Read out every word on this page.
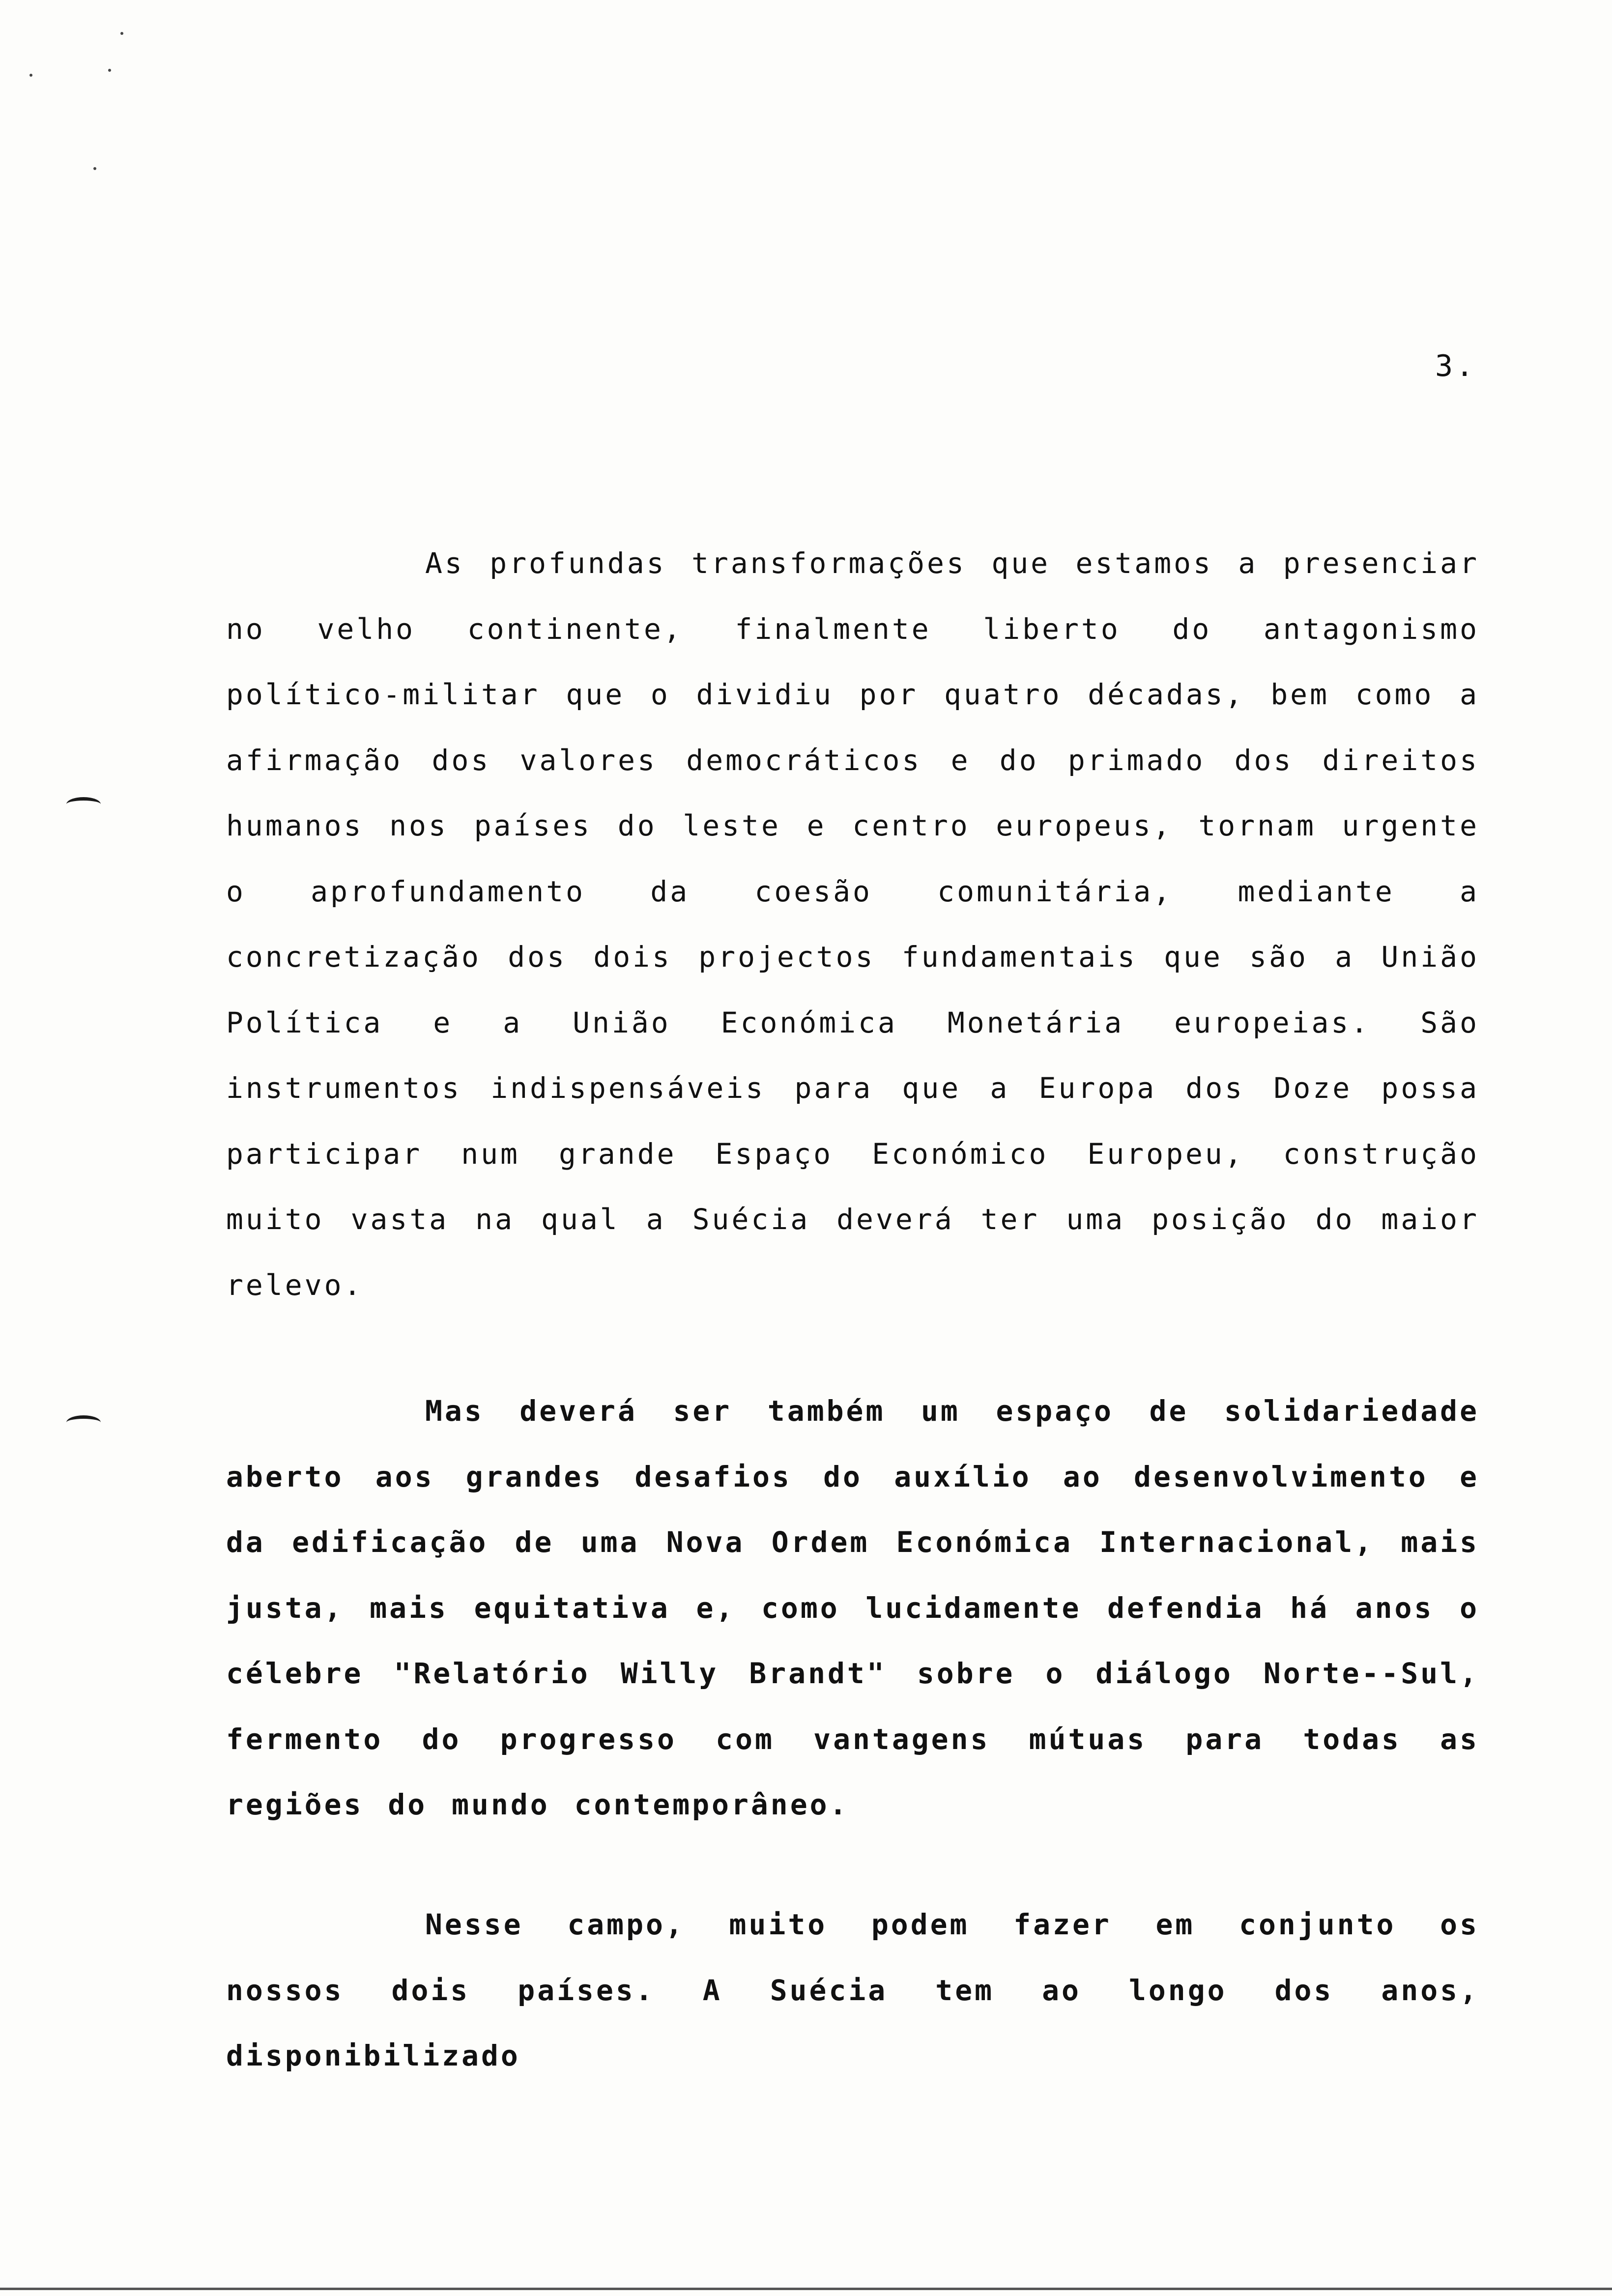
3.

As profundas transformações que estamos a presenciar no velho continente, finalmente liberto do antagonismo político-militar que o dividiu por quatro décadas, bem como a afirmação dos valores democráticos e do primado dos direitos humanos nos países do leste e centro europeus, tornam urgente o aprofundamento da coesão comunitária, mediante a concretização dos dois projectos fundamentais que são a União Política e a União Económica Monetária europeias. São instrumentos indispensáveis para que a Europa dos Doze possa participar num grande Espaço Económico Europeu, construção muito vasta na qual a Suécia deverá ter uma posição do maior relevo.

Mas deverá ser também um espaço de solidariedade aberto aos grandes desafios do auxílio ao desenvolvimento e da edificação de uma Nova Ordem Económica Internacional, mais justa, mais equitativa e, como lucidamente defendia há anos o célebre "Relatório Willy Brandt" sobre o diálogo Norte--Sul, fermento do progresso com vantagens mútuas para todas as regiões do mundo contemporâneo.

Nesse campo, muito podem fazer em conjunto os nossos dois países. A Suécia tem ao longo dos anos, disponibilizado
